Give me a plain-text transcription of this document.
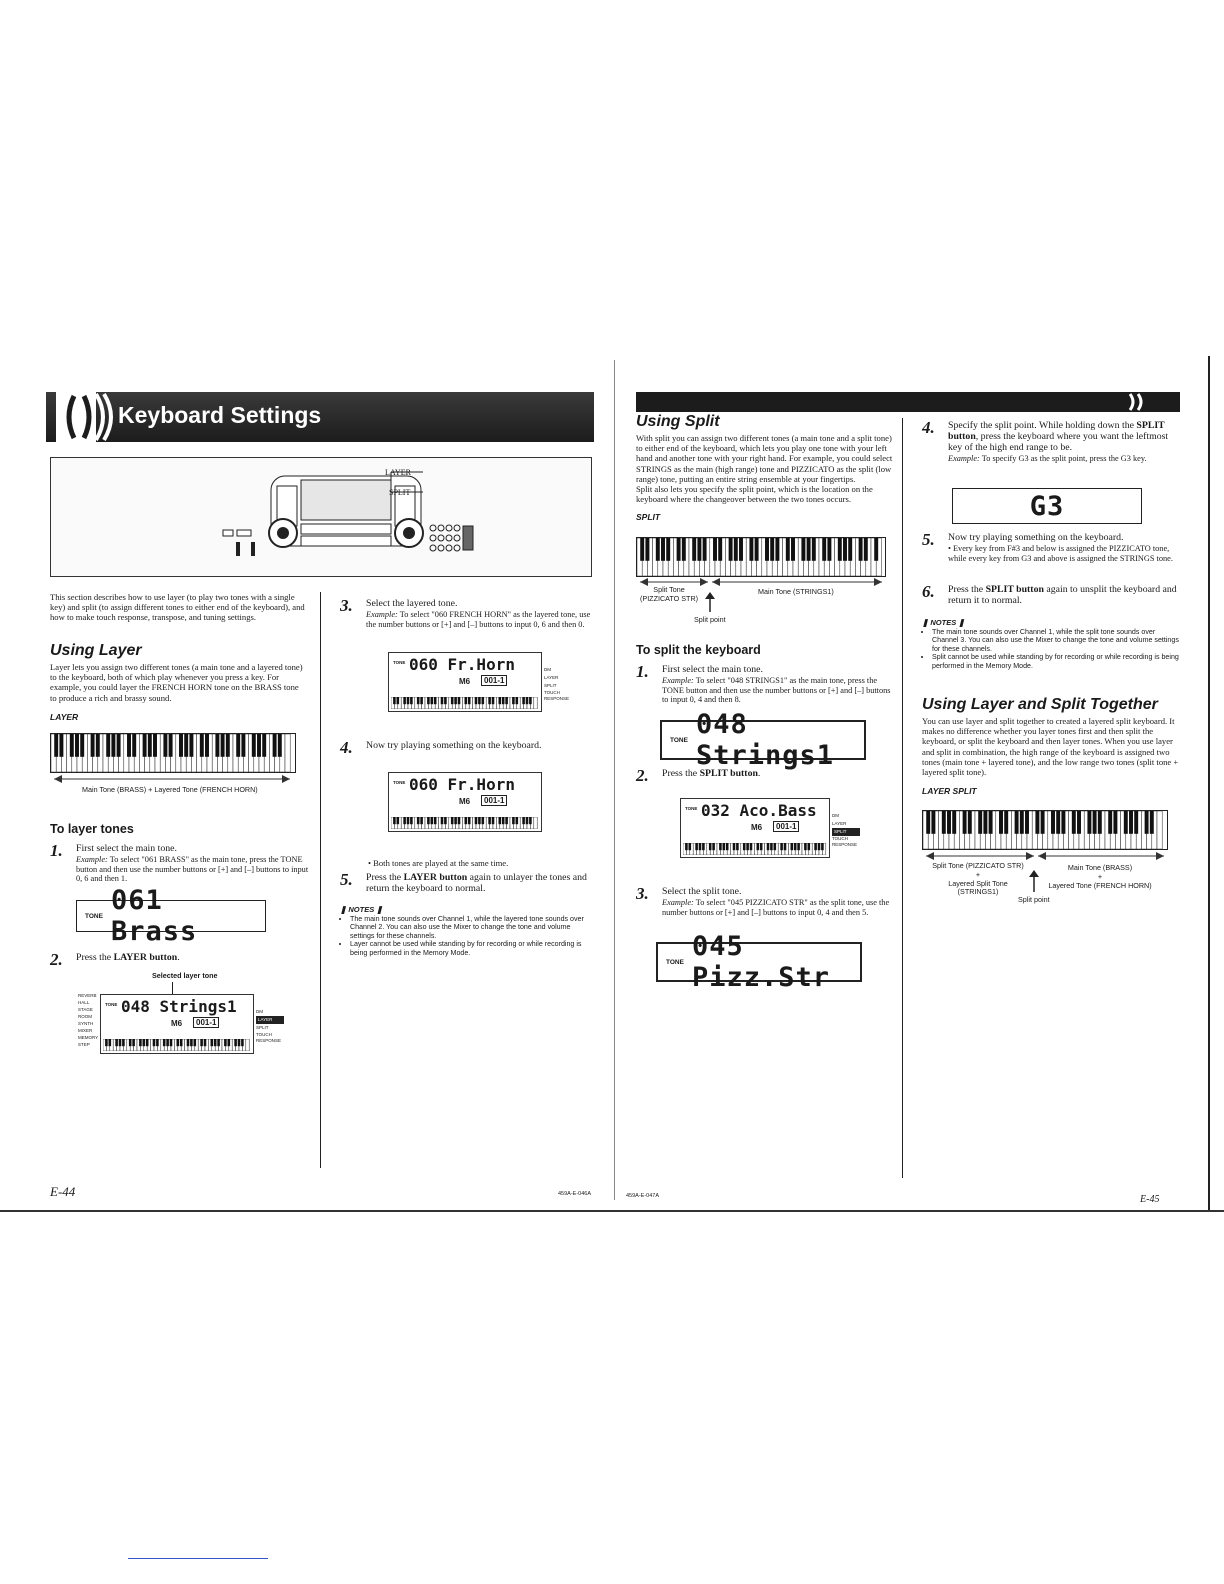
Keyboard Settings
LAYER
SPLIT
This section describes how to use layer (to play two tones with a single key) and split (to assign different tones to either end of the keyboard), and how to make touch response, transpose, and tuning settings.
Using Layer
Layer lets you assign two different tones (a main tone and a layered tone) to the keyboard, both of which play whenever you press a key. For example, you could layer the FRENCH HORN tone on the BRASS tone to produce a rich and brassy sound.
LAYER
Main Tone (BRASS) + Layered Tone (FRENCH HORN)
To layer tones
1.	First select the main tone.
Example: To select "061 BRASS" as the main tone, press the TONE button and then use the number buttons or [+] and [–] buttons to input 0, 6 and then 1.
TONE 061 Brass
2.	Press the LAYER button.
Selected layer tone
048 Strings1
TONE
M6	001-1
REVERB
HALL
STAGE
ROOM
SYNTH
MIXER
MEMORY
STEP
DM
LAYER
SPLIT
TOUCH RESPONSE
3.	Select the layered tone.
Example: To select "060 FRENCH HORN" as the layered tone, use the number buttons or [+] and [–] buttons to input 0, 6 and then 0.
060 Fr.Horn
TONE
M6	001-1
DM
LAYER
SPLIT
TOUCH RESPONSE
4.	Now try playing something on the keyboard.
060 Fr.Horn
TONE
M6	001-1
• Both tones are played at the same time.
5.	Press the LAYER button again to unlayer the tones and return the keyboard to normal.
❚ NOTES ❚
• The main tone sounds over Channel 1, while the layered tone sounds over Channel 2. You can also use the Mixer to change the tone and volume settings for these channels.
• Layer cannot be used while standing by for recording or while recording is being performed in the Memory Mode.
E-44	459A-E-046A
Using Split
With split you can assign two different tones (a main tone and a split tone) to either end of the keyboard, which lets you play one tone with your left hand and another tone with your right hand. For example, you could select STRINGS as the main (high range) tone and PIZZICATO as the split (low range) tone, putting an entire string ensemble at your fingertips.
Split also lets you specify the split point, which is the location on the keyboard where the changeover between the two tones occurs.
SPLIT
Split Tone
(PIZZICATO STR)
Main Tone (STRINGS1)
Split point
To split the keyboard
1.	First select the main tone.
Example: To select "048 STRINGS1" as the main tone, press the TONE button and then use the number buttons or [+] and [–] buttons to input 0, 4 and then 8.
TONE 048 Strings1
2.	Press the SPLIT button.
032 Aco.Bass
TONE
M6	001-1
DM
LAYER
SPLIT
TOUCH RESPONSE
3.	Select the split tone.
Example: To select "045 PIZZICATO STR" as the split tone, use the number buttons or [+] and [–] buttons to input 0, 4 and then 5.
TONE 045 Pizz.Str
4.	Specify the split point. While holding down the SPLIT button, press the keyboard where you want the leftmost key of the high end range to be.
Example: To specify G3 as the split point, press the G3 key.
G3
5.	Now try playing something on the keyboard.
• Every key from F#3 and below is assigned the PIZZICATO tone, while every key from G3 and above is assigned the STRINGS tone.
6.	Press the SPLIT button again to unsplit the keyboard and return it to normal.
❚ NOTES ❚
• The main tone sounds over Channel 1, while the split tone sounds over Channel 3. You can also use the Mixer to change the tone and volume settings for these channels.
• Split cannot be used while standing by for recording or while recording is being performed in the Memory Mode.
Using Layer and Split Together
You can use layer and split together to created a layered split keyboard. It makes no difference whether you layer tones first and then split the keyboard, or split the keyboard and then layer tones. When you use layer and split in combination, the high range of the keyboard is assigned two tones (main tone + layered tone), and the low range two tones (split tone + layered split tone).
LAYER SPLIT
Split Tone (PIZZICATO STR)
+
Layered Split Tone
(STRINGS1)
Main Tone (BRASS)
+
Layered Tone (FRENCH HORN)
Split point
459A-E-047A	E-45
